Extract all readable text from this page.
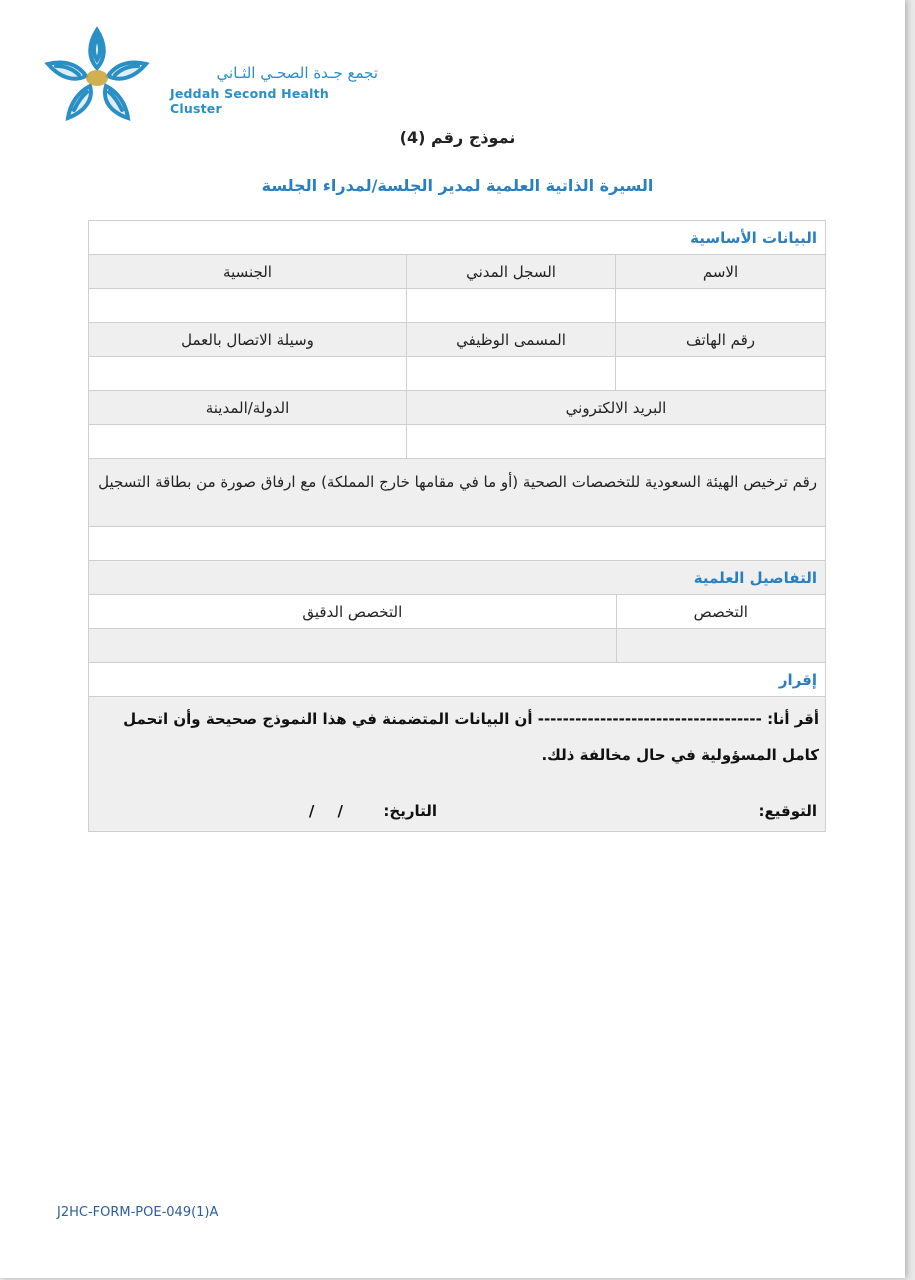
تجمع جـدة الصحـي الثـاني
Jeddah Second Health Cluster
نموذج رقم (4)
السيرة الذاتية العلمية لمدير الجلسة/لمدراء الجلسة
البيانات الأساسية
الاسم
السجل المدني
الجنسية
رقم الهاتف
المسمى الوظيفي
وسيلة الاتصال بالعمل
البريد الالكتروني
الدولة/المدينة
رقم ترخيص الهيئة السعودية للتخصصات الصحية (أو ما في مقامها خارج المملكة) مع ارفاق صورة من بطاقة التسجيل
التفاصيل العلمية
التخصص
التخصص الدقيق
إقرار
أقر أنا: ------------------------------------ أن البيانات المتضمنة في هذا النموذج صحيحة وأن اتحمل كامل المسؤولية في حال مخالفة ذلك.
التوقيع:
التاريخ:
/ /
J2HC-FORM-POE-049(1)A
